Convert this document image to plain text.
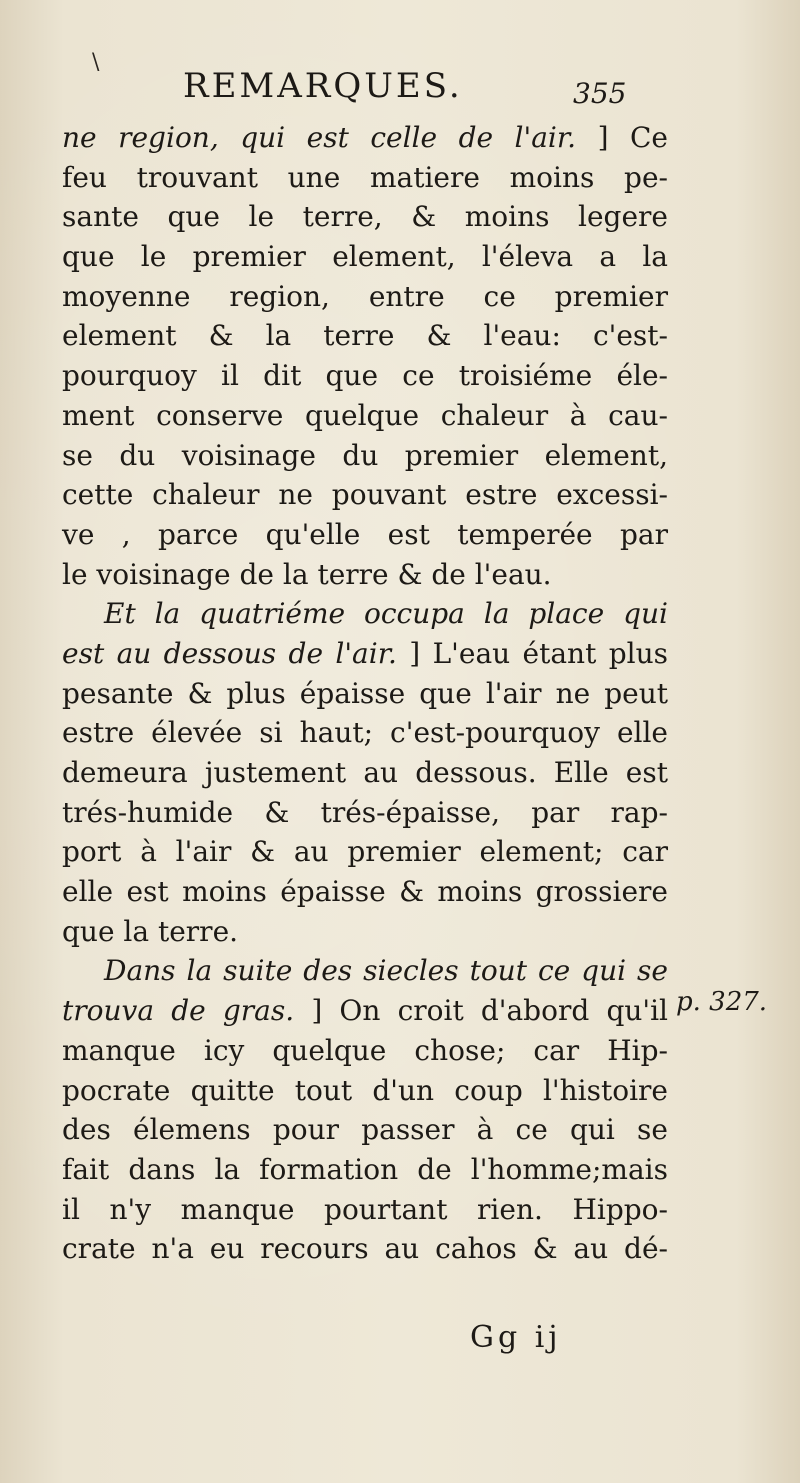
\
REMARQUES.	355
ne region, qui est celle de l'air. ] Ce
feu trouvant une matiere moins pe-
sante que le terre, & moins legere
que le premier element, l'éleva a la
moyenne region, entre ce premier
element & la terre & l'eau: c'est-
pourquoy il dit que ce troisiéme éle-
ment conserve quelque chaleur à cau-
se du voisinage du premier element,
cette chaleur ne pouvant estre excessi-
ve , parce qu'elle est temperée par
le voisinage de la terre & de l'eau.
Et la quatriéme occupa la place qui
est au dessous de l'air. ] L'eau étant plus
pesante & plus épaisse que l'air ne peut
estre élevée si haut; c'est-pourquoy elle
demeura justement au dessous. Elle est
trés-humide & trés-épaisse, par rap-
port à l'air & au premier element; car
elle est moins épaisse & moins grossiere
que la terre.
Dans la suite des siecles tout ce qui se
trouva de gras. ] On croit d'abord qu'il
manque icy quelque chose; car Hip-
pocrate quitte tout d'un coup l'histoire
des élemens pour passer à ce qui se
fait dans la formation de l'homme;mais
il n'y manque pourtant rien. Hippo-
crate n'a eu recours au cahos & au dé-
p. 327.
Gg ij
